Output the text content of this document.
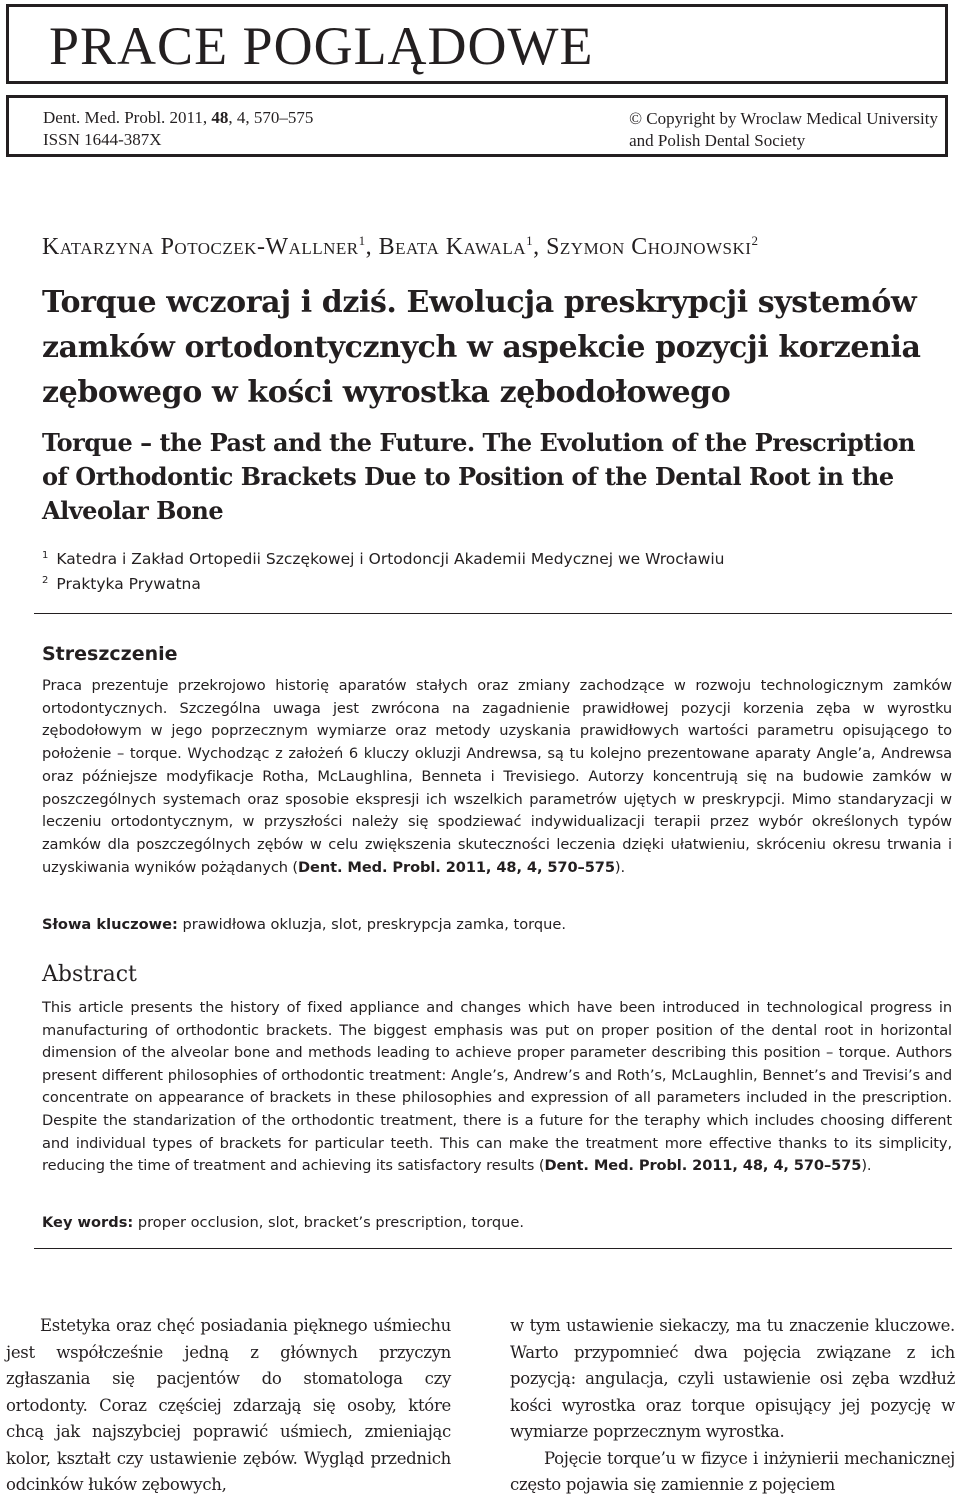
PRACE POGLĄDOWE
Dent. Med. Probl. 2011, 48, 4, 570–575
ISSN 1644-387X
© Copyright by Wroclaw Medical University
and Polish Dental Society
Katarzyna Potoczek-Wallner$^1$, Beata Kawala$^1$, Szymon Chojnowski$^2$
Torque wczoraj i dziś. Ewolucja preskrypcji systemów zamków ortodontycznych w aspekcie pozycji korzenia zębowego w kości wyrostka zębodołowego
Torque – the Past and the Future. The Evolution of the Prescription of Orthodontic Brackets Due to Position of the Dental Root in the Alveolar Bone
$^1$ Katedra i Zakład Ortopedii Szczękowej i Ortodoncji Akademii Medycznej we Wrocławiu
$^2$ Praktyka Prywatna
Streszczenie

Praca prezentuje przekrojowo historię aparatów stałych oraz zmiany zachodzące w rozwoju technologicznym zamków ortodontycznych. Szczególna uwaga jest zwrócona na zagadnienie prawidłowej pozycji korzenia zęba w wyrostku zębodołowym w jego poprzecznym wymiarze oraz metody uzyskania prawidłowych wartości parametru opisującego to położenie – torque. Wychodząc z założeń 6 kluczy okluzji Andrewsa, są tu kolejno prezentowane aparaty Angle’a, Andrewsa oraz późniejsze modyfikacje Rotha, McLaughlina, Benneta i Trevisiego. Autorzy koncentrują się na budowie zamków w poszczególnych systemach oraz sposobie ekspresji ich wszelkich parametrów ujętych w preskrypcji. Mimo standaryzacji w leczeniu ortodontycznym, w przyszłości należy się spodziewać indywidualizacji terapii przez wybór określonych typów zamków dla poszczególnych zębów w celu zwiększenia skuteczności leczenia dzięki ułatwieniu, skróceniu okresu trwania i uzyskiwania wyników pożądanych (Dent. Med. Probl. 2011, 48, 4, 570–575).

Słowa kluczowe: prawidłowa okluzja, slot, preskrypcja zamka, torque.
Abstract

This article presents the history of fixed appliance and changes which have been introduced in technological progress in manufacturing of orthodontic brackets. The biggest emphasis was put on proper position of the dental root in horizontal dimension of the alveolar bone and methods leading to achieve proper parameter describing this position – torque. Authors present different philosophies of orthodontic treatment: Angle’s, Andrew’s and Roth’s, McLaughlin, Bennet’s and Trevisi’s and concentrate on appearance of brackets in these philosophies and expression of all parameters included in the prescription. Despite the standarization of the orthodontic treatment, there is a future for the teraphy which includes choosing different and individual types of brackets for particular teeth. This can make the treatment more effective thanks to its simplicity, reducing the time of treatment and achieving its satisfactory results (Dent. Med. Probl. 2011, 48, 4, 570–575).

Key words: proper occlusion, slot, bracket’s prescription, torque.

Estetyka oraz chęć posiadania pięknego uśmiechu jest współcześnie jedną z głównych przyczyn zgłaszania się pacjentów do stomatologa czy ortodonty. Coraz częściej zdarzają się osoby, które chcą jak najszybciej poprawić uśmiech, zmieniając kolor, kształt czy ustawienie zębów. Wygląd przednich odcinków łuków zębowych,

w tym ustawienie siekaczy, ma tu znaczenie kluczowe. Warto przypomnieć dwa pojęcia związane z ich pozycją: angulacja, czyli ustawienie osi zęba wzdłuż kości wyrostka oraz torque opisujący jej pozycję w wymiarze poprzecznym wyrostka.

Pojęcie torque’u w fizyce i inżynierii mechanicznej często pojawia się zamiennie z pojęciem
